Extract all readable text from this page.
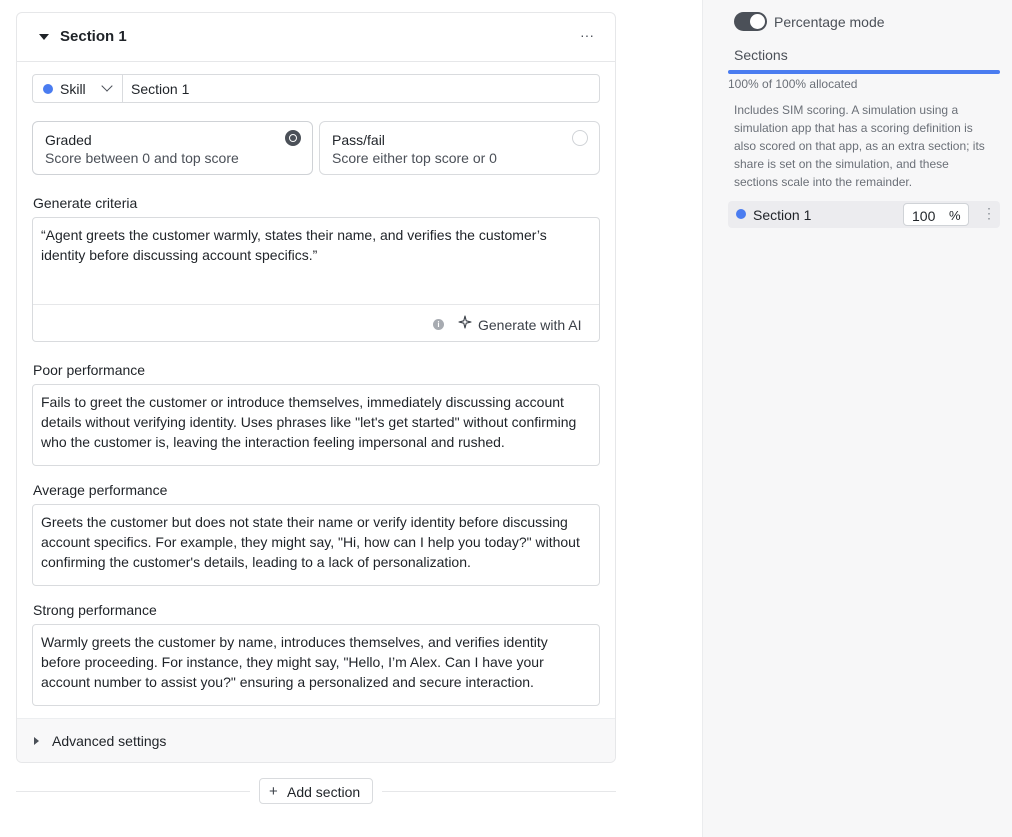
Section 1	···
Skill	Section 1
Graded
Score between 0 and top score
Pass/fail
Score either top score or 0
Generate criteria
“Agent greets the customer warmly, states their name, and verifies the customer’s identity before discussing account specifics.”
i	Generate with AI
Poor performance
Fails to greet the customer or introduce themselves, immediately discussing account details without verifying identity. Uses phrases like "let's get started" without confirming who the customer is, leaving the interaction feeling impersonal and rushed.
Average performance
Greets the customer but does not state their name or verify identity before discussing account specifics. For example, they might say, "Hi, how can I help you today?" without confirming the customer's details, leading to a lack of personalization.
Strong performance
Warmly greets the customer by name, introduces themselves, and verifies identity before proceeding. For instance, they might say, "Hello, I’m Alex. Can I have your account number to assist you?" ensuring a personalized and secure interaction.
Advanced settings
+ Add section
Percentage mode
Sections
100% of 100% allocated
Includes SIM scoring. A simulation using a simulation app that has a scoring definition is also scored on that app, as an extra section; its share is set on the simulation, and these sections scale into the remainder.
Section 1	100 % ⋮
